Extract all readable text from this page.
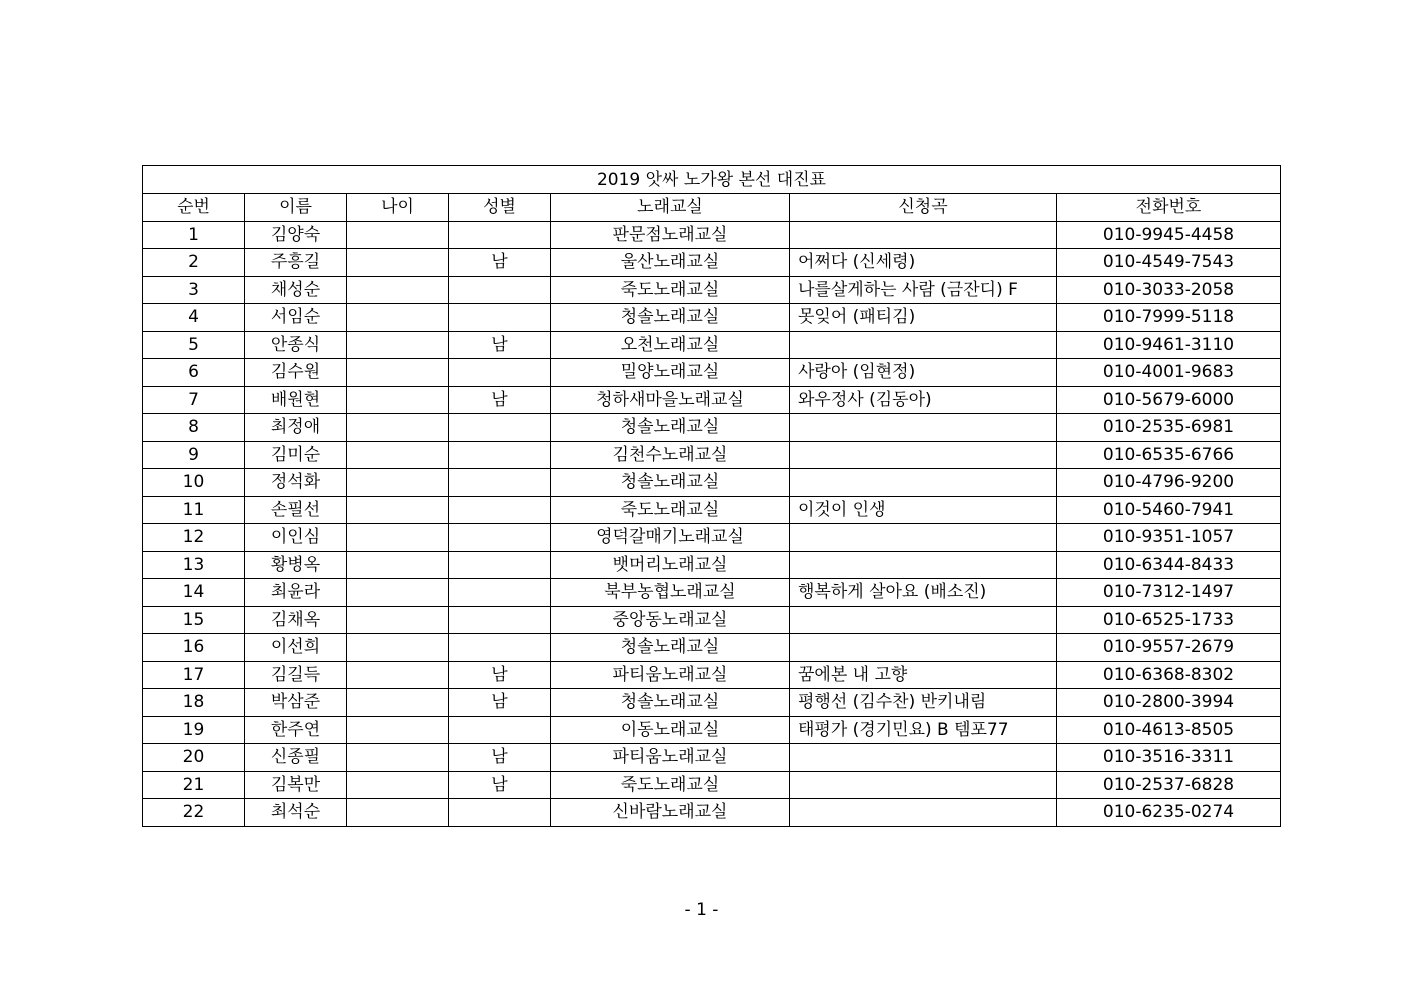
2019 앗싸 노가왕 본선 대진표						
순번	이름	나이	성별	노래교실	신청곡	전화번호
1	김양숙			판문점노래교실		010-9945-4458
2	주흥길		남	울산노래교실	어쩌다 (신세령)	010-4549-7543
3	채성순			죽도노래교실	나를살게하는 사람 (금잔디) F	010-3033-2058
4	서임순			청솔노래교실	못잊어 (패티김)	010-7999-5118
5	안종식		남	오천노래교실		010-9461-3110
6	김수원			밀양노래교실	사랑아 (임현정)	010-4001-9683
7	배원현		남	청하새마을노래교실	와우정사 (김동아)	010-5679-6000
8	최정애			청솔노래교실		010-2535-6981
9	김미순			김천수노래교실		010-6535-6766
10	정석화			청솔노래교실		010-4796-9200
11	손필선			죽도노래교실	이것이 인생	010-5460-7941
12	이인심			영덕갈매기노래교실		010-9351-1057
13	황병옥			뱃머리노래교실		010-6344-8433
14	최윤라			북부농협노래교실	행복하게 살아요 (배소진)	010-7312-1497
15	김채옥			중앙동노래교실		010-6525-1733
16	이선희			청솔노래교실		010-9557-2679
17	김길득		남	파티움노래교실	꿈에본 내 고향	010-6368-8302
18	박삼준		남	청솔노래교실	평행선 (김수찬) 반키내림	010-2800-3994
19	한주연			이동노래교실	태평가 (경기민요) B 템포77	010-4613-8505
20	신종필		남	파티움노래교실		010-3516-3311
21	김복만		남	죽도노래교실		010-2537-6828
22	최석순			신바람노래교실		010-6235-0274
- 1 -
